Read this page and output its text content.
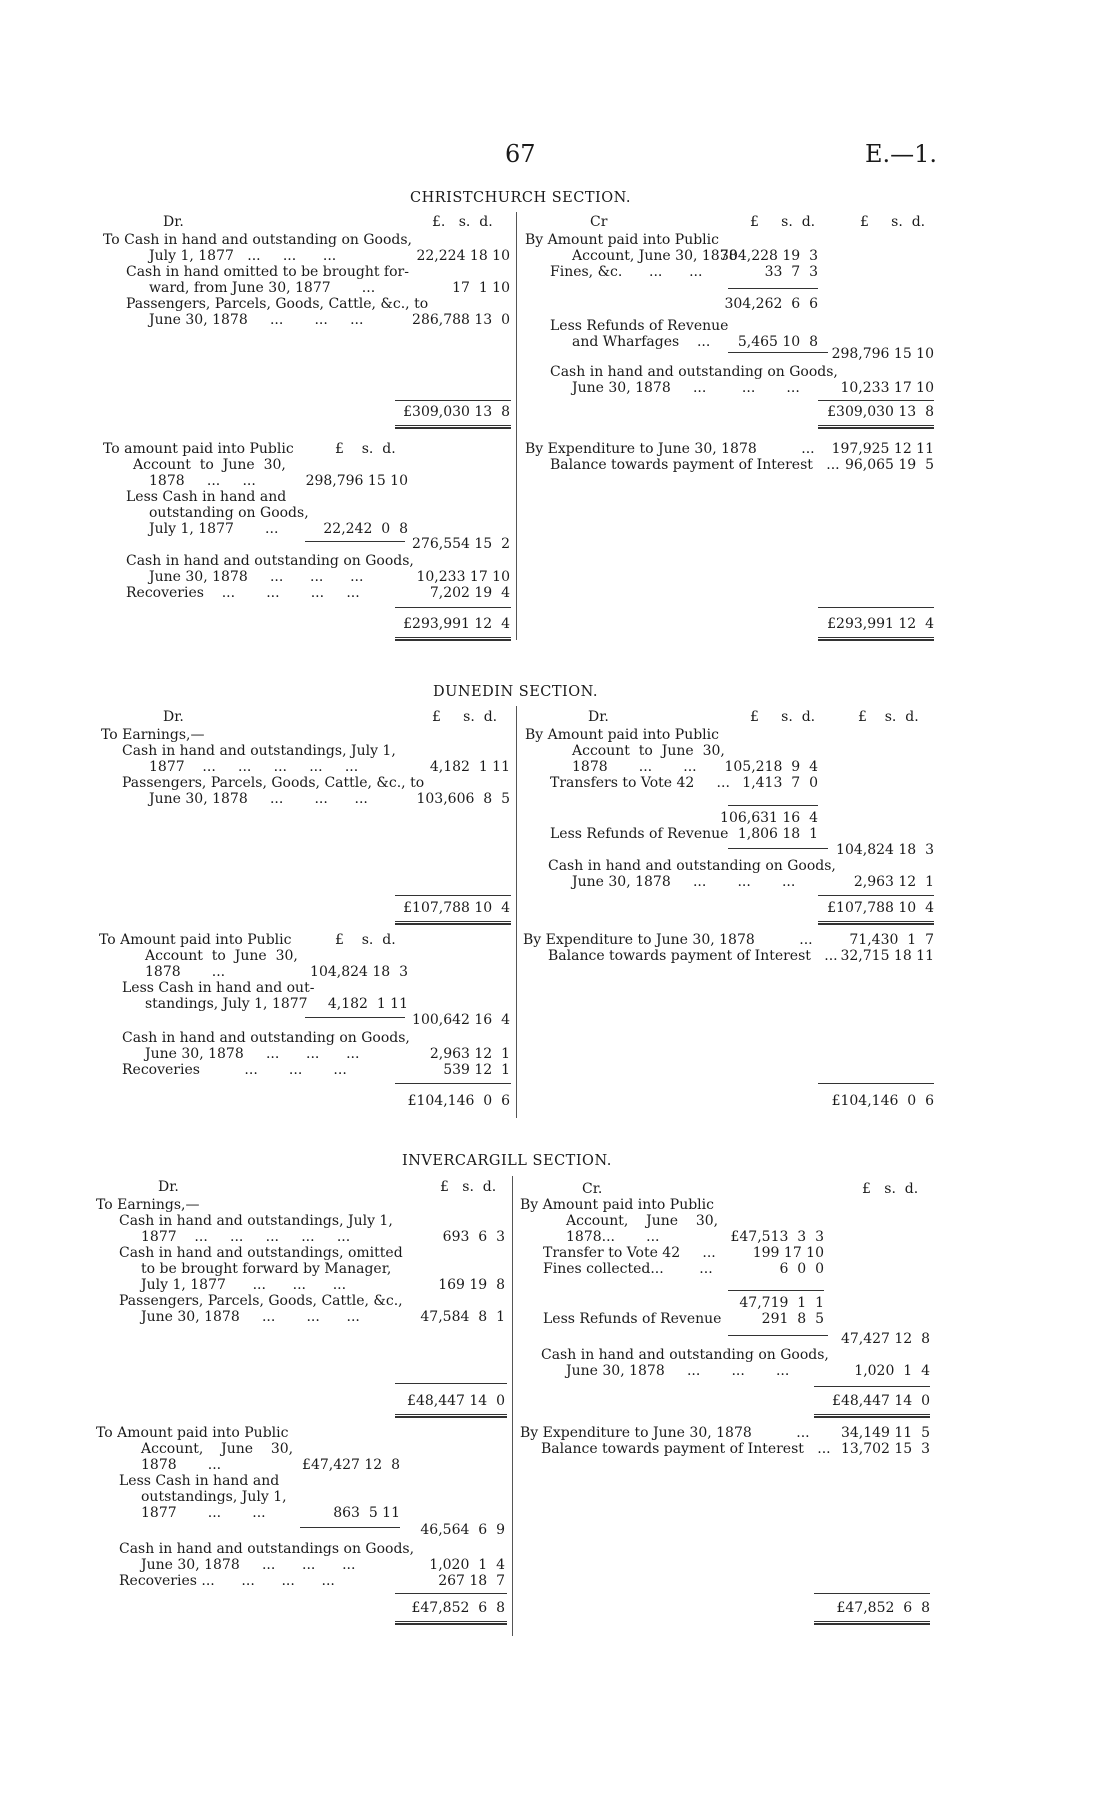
67	E.—1.
CHRISTCHURCH SECTION.
Dr.	£.   s.  d.	Cr	£     s.  d.	£     s.  d.
To Cash in hand and outstanding on Goods,
July 1, 1877   ...     ...      ...	22,224 18 10
Cash in hand omitted to be brought for-
ward, from June 30, 1877       ...	17  1 10
Passengers, Parcels, Goods, Cattle, &c., to
June 30, 1878     ...       ...     ...	286,788 13  0
£309,030 13  8
By Amount paid into Public
Account, June 30, 1878
304,228 19  3
Fines, &c.      ...      ...	33  7  3
304,262  6  6
Less Refunds of Revenue
and Wharfages    ...	5,465 10  8
298,796 15 10
Cash in hand and outstanding on Goods,
June 30, 1878     ...        ...       ...	10,233 17 10
£309,030 13  8
To amount paid into Public	£    s.  d.
Account  to  June  30,
1878     ...     ...	298,796 15 10
Less Cash in hand and
outstanding on Goods,
July 1, 1877       ...	22,242  0  8
276,554 15  2
Cash in hand and outstanding on Goods,
June 30, 1878     ...      ...      ...	10,233 17 10
Recoveries    ...       ...       ...     ...	7,202 19  4
£293,991 12  4
By Expenditure to June 30, 1878          ...	197,925 12 11
Balance towards payment of Interest   ... 96,065 19  5
£293,991 12  4
DUNEDIN SECTION.
Dr.	£     s.  d.	Dr.	£     s.  d.	£    s.  d.
To Earnings,—
Cash in hand and outstandings, July 1,
1877    ...     ...     ...     ...     ...	4,182  1 11
Passengers, Parcels, Goods, Cattle, &c., to
June 30, 1878     ...       ...      ...	103,606  8  5
£107,788 10  4
By Amount paid into Public
Account  to  June  30,
1878       ...       ...	105,218  9  4
Transfers to Vote 42     ... 1,413  7  0
106,631 16  4
Less Refunds of Revenue 1,806 18  1
104,824 18  3
Cash in hand and outstanding on Goods,
June 30, 1878     ...       ...       ...	2,963 12  1
£107,788 10  4
To Amount paid into Public	£    s.  d.
Account  to  June  30,
1878       ...	104,824 18  3
Less Cash in hand and out-
standings, July 1, 1877	4,182  1 11
100,642 16  4
Cash in hand and outstanding on Goods,
June 30, 1878     ...      ...      ...	2,963 12  1
Recoveries          ...       ...       ...	539 12  1
£104,146  0  6
By Expenditure to June 30, 1878          ...	71,430  1  7
Balance towards payment of Interest   ... 32,715 18 11
£104,146  0  6
INVERCARGILL SECTION.
Dr.	£   s.  d.	Cr.	£   s.  d.
To Earnings,—
Cash in hand and outstandings, July 1,
1877    ...     ...     ...     ...     ...	693  6  3
Cash in hand and outstandings, omitted
to be brought forward by Manager,
July 1, 1877      ...      ...      ...	169 19  8
Passengers, Parcels, Goods, Cattle, &c.,
June 30, 1878     ...       ...      ...	47,584  8  1
£48,447 14  0
By Amount paid into Public
Account,    June    30,
1878...       ...	£47,513  3  3
Transfer to Vote 42     ...	199 17 10
Fines collected...        ...	6  0  0
47,719  1  1
Less Refunds of Revenue	291  8  5
47,427 12  8
Cash in hand and outstanding on Goods,
June 30, 1878     ...       ...       ...	1,020  1  4
£48,447 14  0
To Amount paid into Public
Account,    June    30,
1878       ...	£47,427 12  8
Less Cash in hand and
outstandings, July 1,
1877       ...       ...	863  5 11
46,564  6  9
Cash in hand and outstandings on Goods,
June 30, 1878     ...      ...      ...	1,020  1  4
Recoveries ...      ...      ...      ...	267 18  7
£47,852  6  8
By Expenditure to June 30, 1878          ...	34,149 11  5
Balance towards payment of Interest   ... 13,702 15  3
£47,852  6  8
